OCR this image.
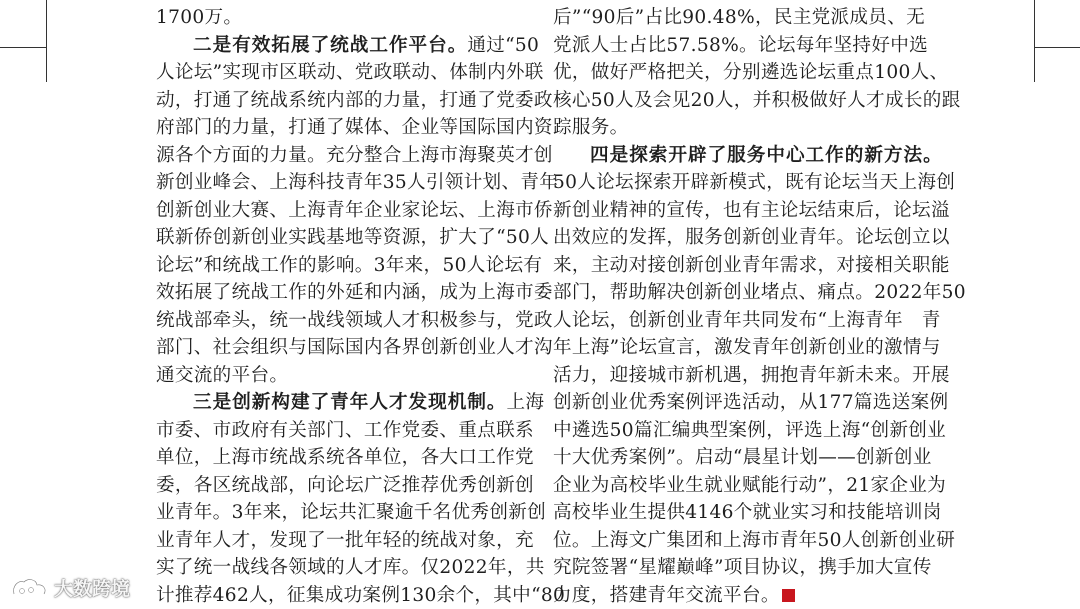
1700万。
二是有效拓展了统战工作平台。通过“50
人论坛”实现市区联动、党政联动、体制内外联
动，打通了统战系统内部的力量，打通了党委政
府部门的力量，打通了媒体、企业等国际国内资
源各个方面的力量。充分整合上海市海聚英才创
新创业峰会、上海科技青年35人引领计划、青年
创新创业大赛、上海青年企业家论坛、上海市侨
联新侨创新创业实践基地等资源，扩大了“50人
论坛”和统战工作的影响。3年来，50人论坛有
效拓展了统战工作的外延和内涵，成为上海市委
统战部牵头，统一战线领域人才积极参与，党政
部门、社会组织与国际国内各界创新创业人才沟
通交流的平台。
三是创新构建了青年人才发现机制。上海
市委、市政府有关部门、工作党委、重点联系
单位，上海市统战系统各单位，各大口工作党
委，各区统战部，向论坛广泛推荐优秀创新创
业青年。3年来，论坛共汇聚逾千名优秀创新创
业青年人才，发现了一批年轻的统战对象，充
实了统一战线各领域的人才库。仅2022年，共
计推荐462人，征集成功案例130余个，其中“80
后”“90后”占比90.48%，民主党派成员、无
党派人士占比57.58%。论坛每年坚持好中选
优，做好严格把关，分别遴选论坛重点100人、
核心50人及会见20人，并积极做好人才成长的跟
踪服务。
四是探索开辟了服务中心工作的新方法。
50人论坛探索开辟新模式，既有论坛当天上海创
新创业精神的宣传，也有主论坛结束后，论坛溢
出效应的发挥，服务创新创业青年。论坛创立以
来，主动对接创新创业青年需求，对接相关职能
部门，帮助解决创新创业堵点、痛点。2022年50
人论坛，创新创业青年共同发布“上海青年　青
年上海”论坛宣言，激发青年创新创业的激情与
活力，迎接城市新机遇，拥抱青年新未来。开展
创新创业优秀案例评选活动，从177篇选送案例
中遴选50篇汇编典型案例，评选上海“创新创业
十大优秀案例”。启动“晨星计划——创新创业
企业为高校毕业生就业赋能行动”，21家企业为
高校毕业生提供4146个就业实习和技能培训岗
位。上海文广集团和上海市青年50人创新创业研
究院签署“星耀巅峰”项目协议，携手加大宣传
力度，搭建青年交流平台。
大数跨境
